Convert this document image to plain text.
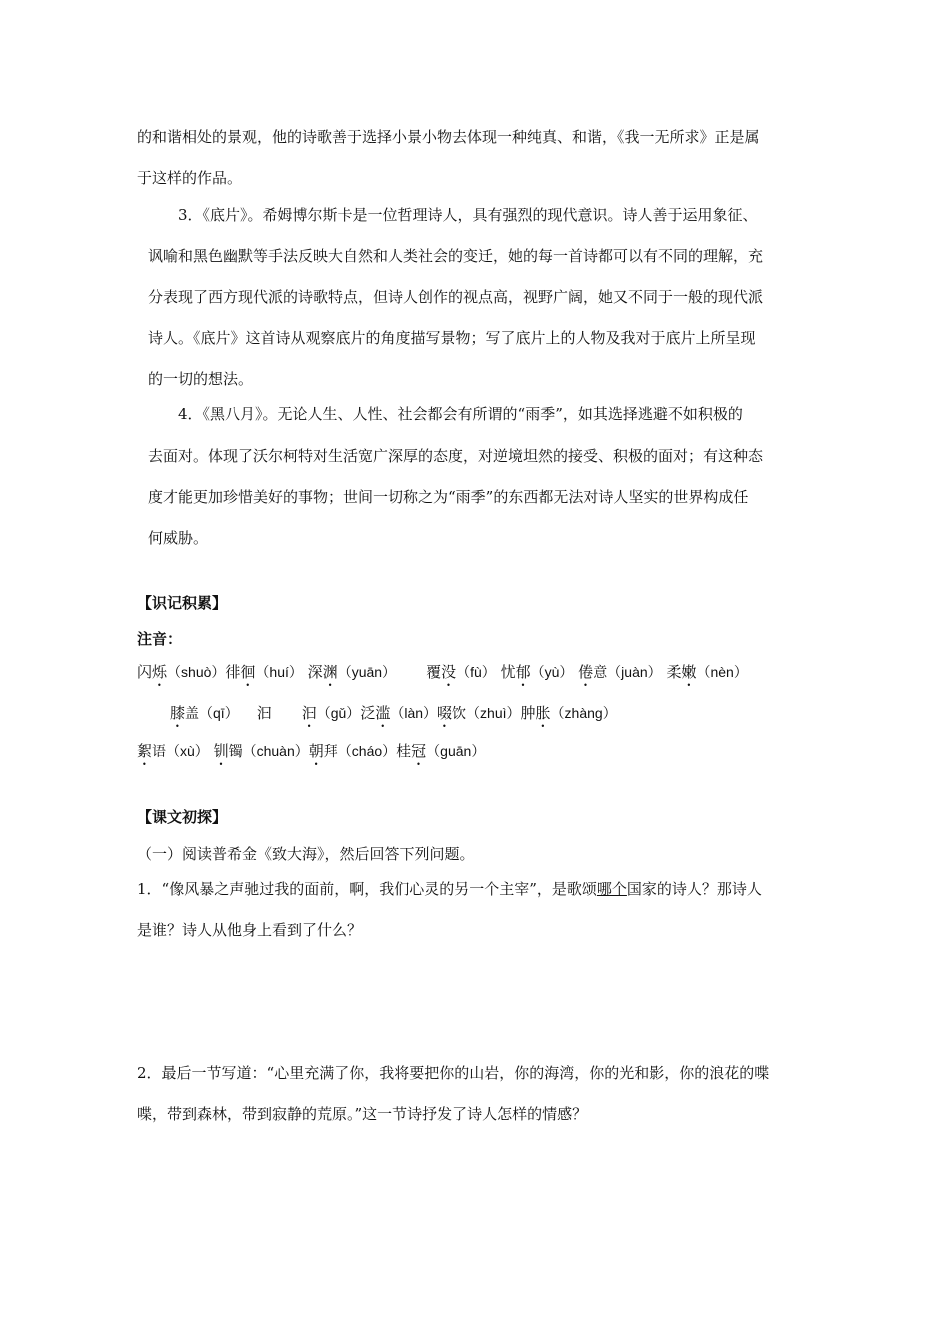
的和谐相处的景观，他的诗歌善于选择小景小物去体现一种纯真、和谐，《我一无所求》正是属
于这样的作品。
3．《底片》。希姆博尔斯卡是一位哲理诗人，具有强烈的现代意识。诗人善于运用象征、
讽喻和黑色幽默等手法反映大自然和人类社会的变迁，她的每一首诗都可以有不同的理解，充
分表现了西方现代派的诗歌特点，但诗人创作的视点高，视野广阔，她又不同于一般的现代派
诗人。《底片》这首诗从观察底片的角度描写景物；写了底片上的人物及我对于底片上所呈现
的一切的想法。
4．《黑八月》。无论人生、人性、社会都会有所谓的“雨季”，如其选择逃避不如积极的
去面对。体现了沃尔柯特对生活宽广深厚的态度，对逆境坦然的接受、积极的面对；有这种态
度才能更加珍惜美好的事物；世间一切称之为“雨季”的东西都无法对诗人坚实的世界构成任
何威胁。
【识记积累】
注音：
闪烁（shuò）徘徊（huí） 深渊（yuān） 覆没（fù） 忧郁（yù） 倦意（juàn） 柔嫩（nèn）
膝盖（qī） 汩 汩（gǔ）泛滥（làn）啜饮（zhuì）肿胀（zhàng）
絮语（xù） 钏镯（chuàn）朝拜（cháo）桂冠（guān）
【课文初探】
（一）阅读普希金《致大海》，然后回答下列问题。
1．“像风暴之声驰过我的面前，啊，我们心灵的另一个主宰”，是歌颂哪个国家的诗人？那诗人
是谁？诗人从他身上看到了什么？
2．最后一节写道：“心里充满了你，我将要把你的山岩，你的海湾，你的光和影，你的浪花的喋
喋，带到森林，带到寂静的荒原。”这一节诗抒发了诗人怎样的情感？
